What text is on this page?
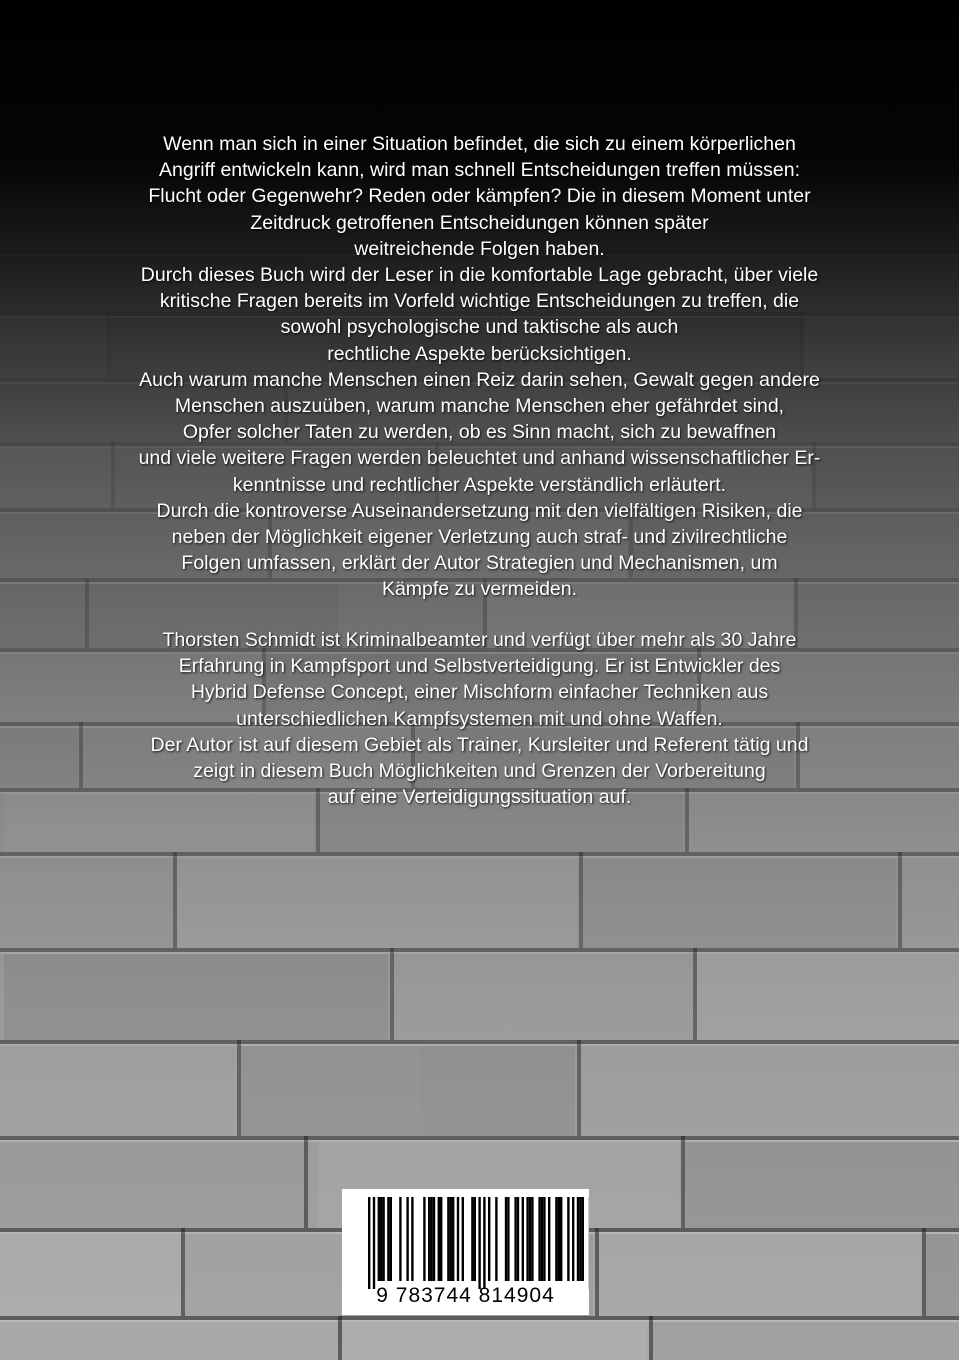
Wenn man sich in einer Situation befindet, die sich zu einem körperlichen
Angriff entwickeln kann, wird man schnell Entscheidungen treffen müssen:
Flucht oder Gegenwehr? Reden oder kämpfen? Die in diesem Moment unter
Zeitdruck getroffenen Entscheidungen können später
weitreichende Folgen haben.
Durch dieses Buch wird der Leser in die komfortable Lage gebracht, über viele
kritische Fragen bereits im Vorfeld wichtige Entscheidungen zu treffen, die
sowohl psychologische und taktische als auch
rechtliche Aspekte berücksichtigen.
Auch warum manche Menschen einen Reiz darin sehen, Gewalt gegen andere
Menschen auszuüben, warum manche Menschen eher gefährdet sind,
Opfer solcher Taten zu werden, ob es Sinn macht, sich zu bewaffnen
und viele weitere Fragen werden beleuchtet und anhand wissenschaftlicher Er-
kenntnisse und rechtlicher Aspekte verständlich erläutert.
Durch die kontroverse Auseinandersetzung mit den vielfältigen Risiken, die
neben der Möglichkeit eigener Verletzung auch straf- und zivilrechtliche
Folgen umfassen, erklärt der Autor Strategien und Mechanismen, um
Kämpfe zu vermeiden.
Thorsten Schmidt ist Kriminalbeamter und verfügt über mehr als 30 Jahre
Erfahrung in Kampfsport und Selbstverteidigung. Er ist Entwickler des
Hybrid Defense Concept, einer Mischform einfacher Techniken aus
unterschiedlichen Kampfsystemen mit und ohne Waffen.
Der Autor ist auf diesem Gebiet als Trainer, Kursleiter und Referent tätig und
zeigt in diesem Buch Möglichkeiten und Grenzen der Vorbereitung
auf eine Verteidigungssituation auf.
9 783744 814904
